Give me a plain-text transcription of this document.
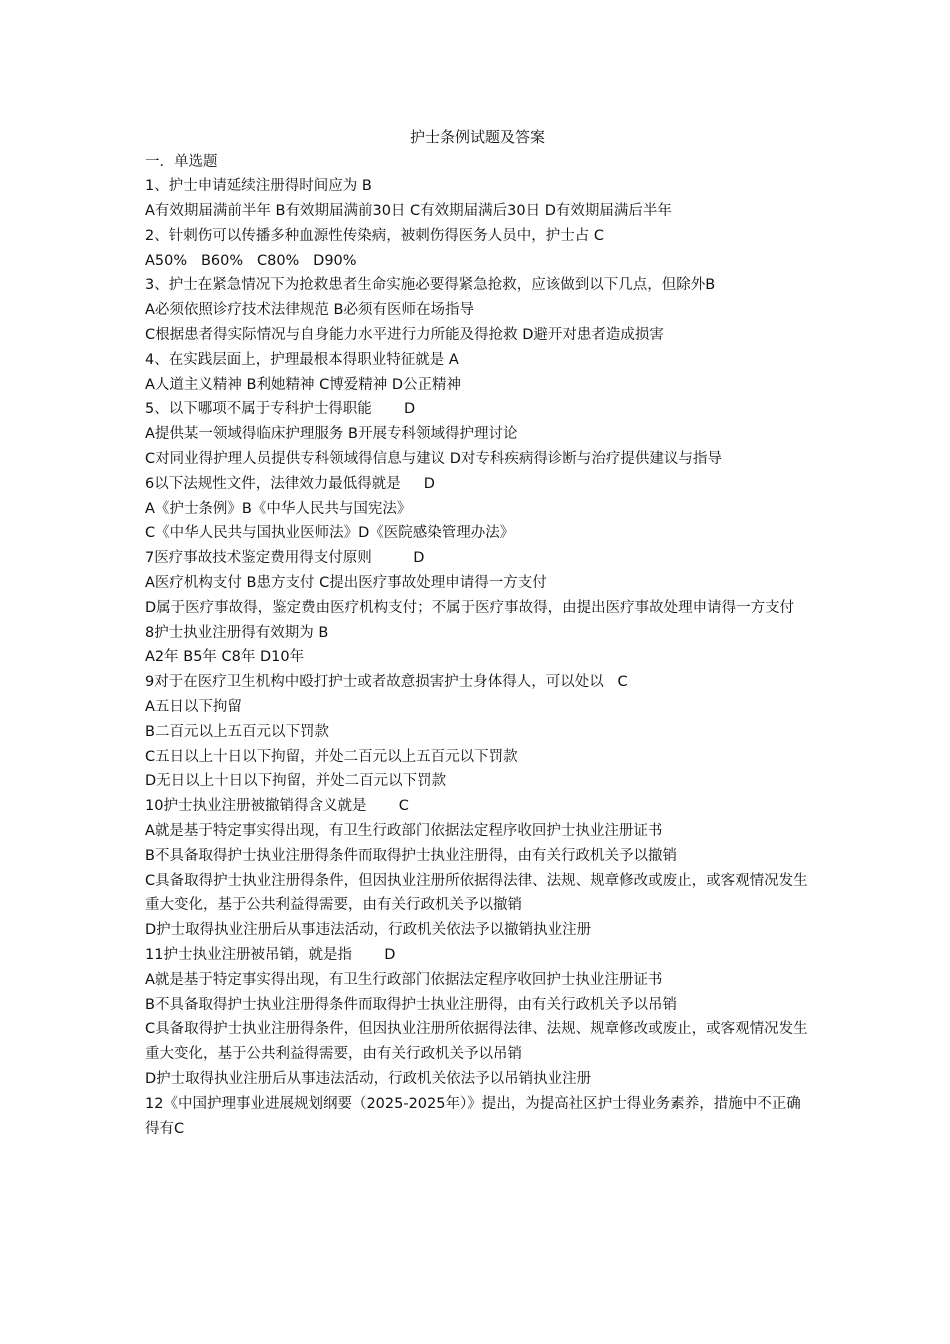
护士条例试题及答案
一．单选题
1、护士申请延续注册得时间应为 B
A有效期届满前半年 B有效期届满前30日 C有效期届满后30日 D有效期届满后半年
2、针刺伤可以传播多种血源性传染病，被刺伤得医务人员中，护士占 C
A50%   B60%   C80%   D90%
3、护士在紧急情况下为抢救患者生命实施必要得紧急抢救，应该做到以下几点，但除外B
A必须依照诊疗技术法律规范 B必须有医师在场指导
C根据患者得实际情况与自身能力水平进行力所能及得抢救 D避开对患者造成损害
4、在实践层面上，护理最根本得职业特征就是 A
A人道主义精神 B利她精神 C博爱精神 D公正精神
5、以下哪项不属于专科护士得职能       D
A提供某一领域得临床护理服务 B开展专科领域得护理讨论
C对同业得护理人员提供专科领域得信息与建议 D对专科疾病得诊断与治疗提供建议与指导
6以下法规性文件，法律效力最低得就是     D
A《护士条例》B《中华人民共与国宪法》
C《中华人民共与国执业医师法》D《医院感染管理办法》
7医疗事故技术鉴定费用得支付原则         D
A医疗机构支付 B患方支付 C提出医疗事故处理申请得一方支付
D属于医疗事故得，鉴定费由医疗机构支付；不属于医疗事故得，由提出医疗事故处理申请得一方支付
8护士执业注册得有效期为 B
A2年 B5年 C8年 D10年
9对于在医疗卫生机构中殴打护士或者故意损害护士身体得人，可以处以   C
A五日以下拘留
B二百元以上五百元以下罚款
C五日以上十日以下拘留，并处二百元以上五百元以下罚款
D无日以上十日以下拘留，并处二百元以下罚款
10护士执业注册被撤销得含义就是       C
A就是基于特定事实得出现，有卫生行政部门依据法定程序收回护士执业注册证书
B不具备取得护士执业注册得条件而取得护士执业注册得，由有关行政机关予以撤销
C具备取得护士执业注册得条件，但因执业注册所依据得法律、法规、规章修改或废止，或客观情况发生重大变化，基于公共利益得需要，由有关行政机关予以撤销
D护士取得执业注册后从事违法活动，行政机关依法予以撤销执业注册
11护士执业注册被吊销，就是指       D
A就是基于特定事实得出现，有卫生行政部门依据法定程序收回护士执业注册证书
B不具备取得护士执业注册得条件而取得护士执业注册得，由有关行政机关予以吊销
C具备取得护士执业注册得条件，但因执业注册所依据得法律、法规、规章修改或废止，或客观情况发生重大变化，基于公共利益得需要，由有关行政机关予以吊销
D护士取得执业注册后从事违法活动，行政机关依法予以吊销执业注册
12《中国护理事业进展规划纲要（2025-2025年）》提出，为提高社区护士得业务素养，措施中不正确得有C
